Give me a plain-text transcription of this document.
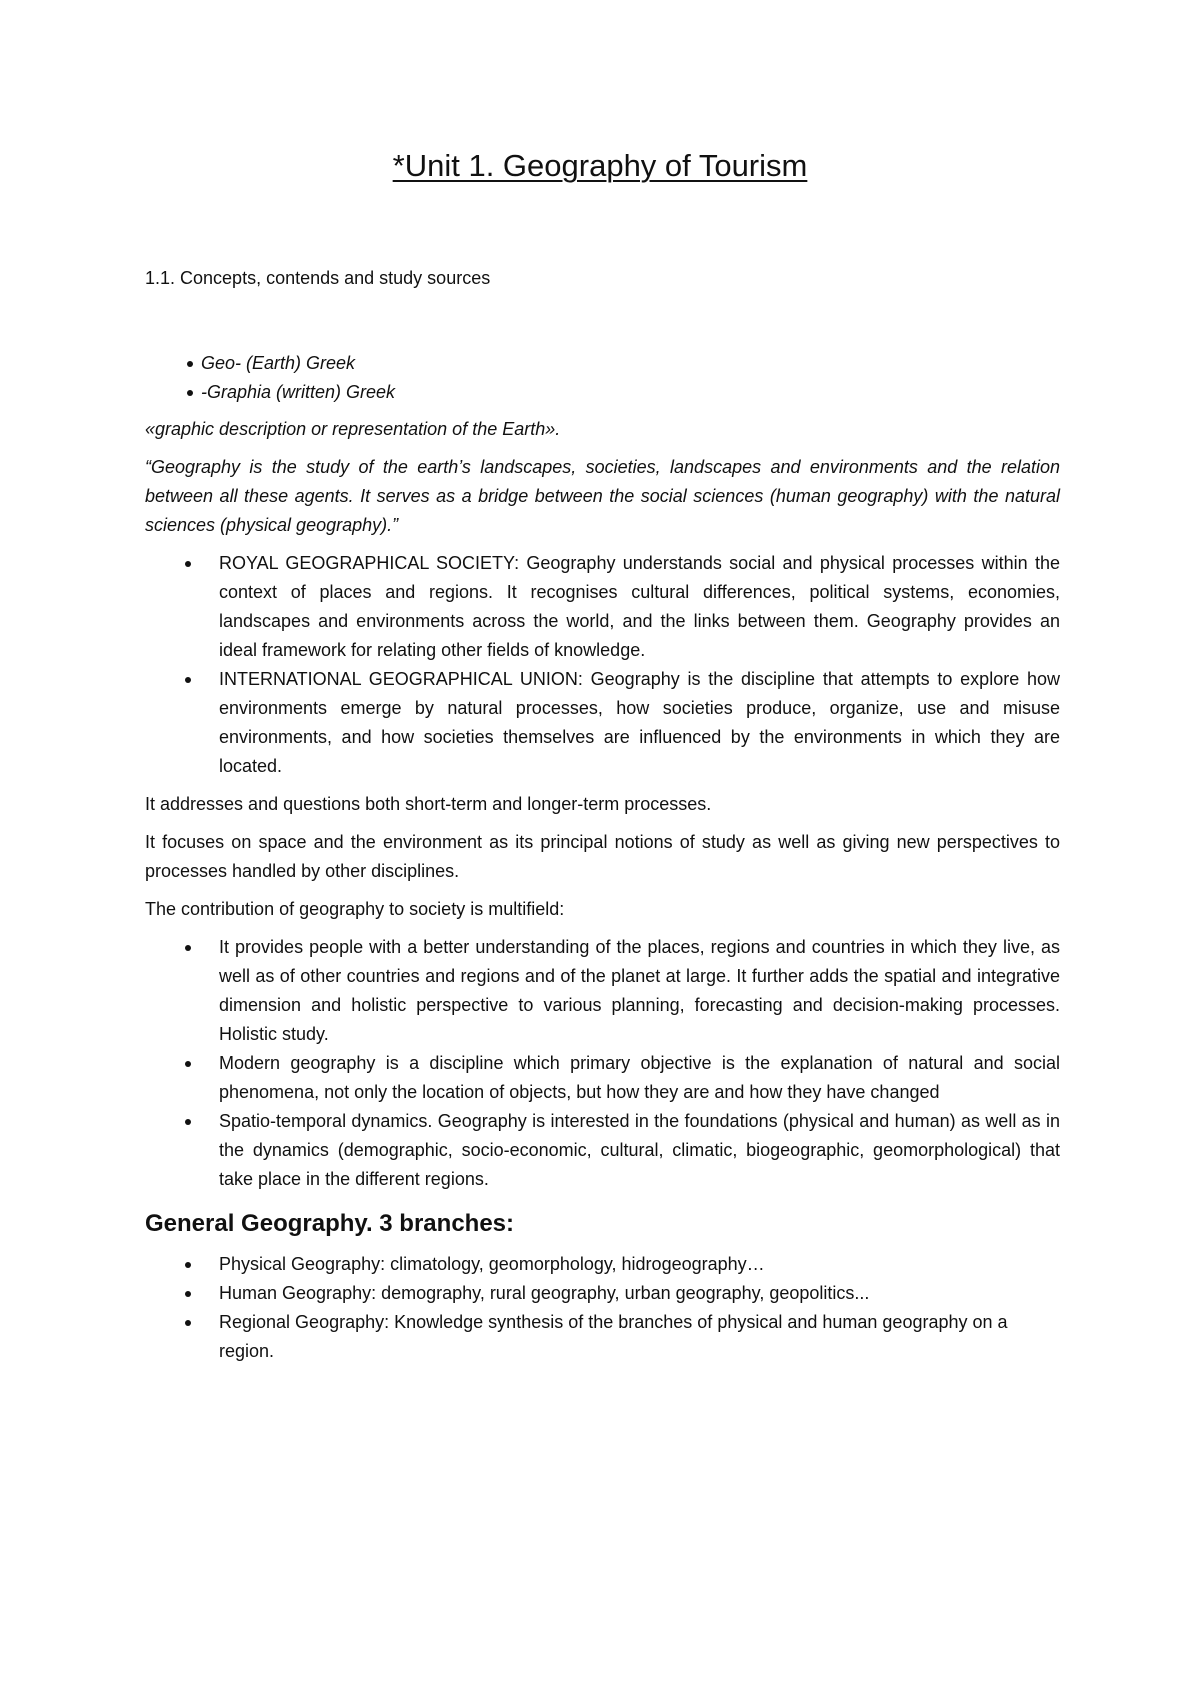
*Unit 1. Geography of Tourism

1.1. Concepts, contends and study sources

Geo- (Earth) Greek
-Graphia (written) Greek

«graphic description or representation of the Earth».

“Geography is the study of the earth’s landscapes, societies, landscapes and environments and the relation between all these agents. It serves as a bridge between the social sciences (human geography) with the natural sciences (physical geography).”

ROYAL GEOGRAPHICAL SOCIETY: Geography understands social and physical processes within the context of places and regions. It recognises cultural differences, political systems, economies, landscapes and environments across the world, and the links between them. Geography provides an ideal framework for relating other fields of knowledge.
INTERNATIONAL GEOGRAPHICAL UNION: Geography is the discipline that attempts to explore how environments emerge by natural processes, how societies produce, organize, use and misuse environments, and how societies themselves are influenced by the environments in which they are located.

It addresses and questions both short-term and longer-term processes.

It focuses on space and the environment as its principal notions of study as well as giving new perspectives to processes handled by other disciplines.

The contribution of geography to society is multifield:

It provides people with a better understanding of the places, regions and countries in which they live, as well as of other countries and regions and of the planet at large. It further adds the spatial and integrative dimension and holistic perspective to various planning, forecasting and decision-making processes. Holistic study.
Modern geography is a discipline which primary objective is the explanation of natural and social phenomena, not only the location of objects, but how they are and how they have changed
Spatio-temporal dynamics. Geography is interested in the foundations (physical and human) as well as in the dynamics (demographic, socio-economic, cultural, climatic, biogeographic, geomorphological) that take place in the different regions.
General Geography. 3 branches:
Physical Geography: climatology, geomorphology, hidrogeography…
Human Geography: demography, rural geography, urban geography, geopolitics...
Regional Geography: Knowledge synthesis of the branches of physical and human geography on a region.
